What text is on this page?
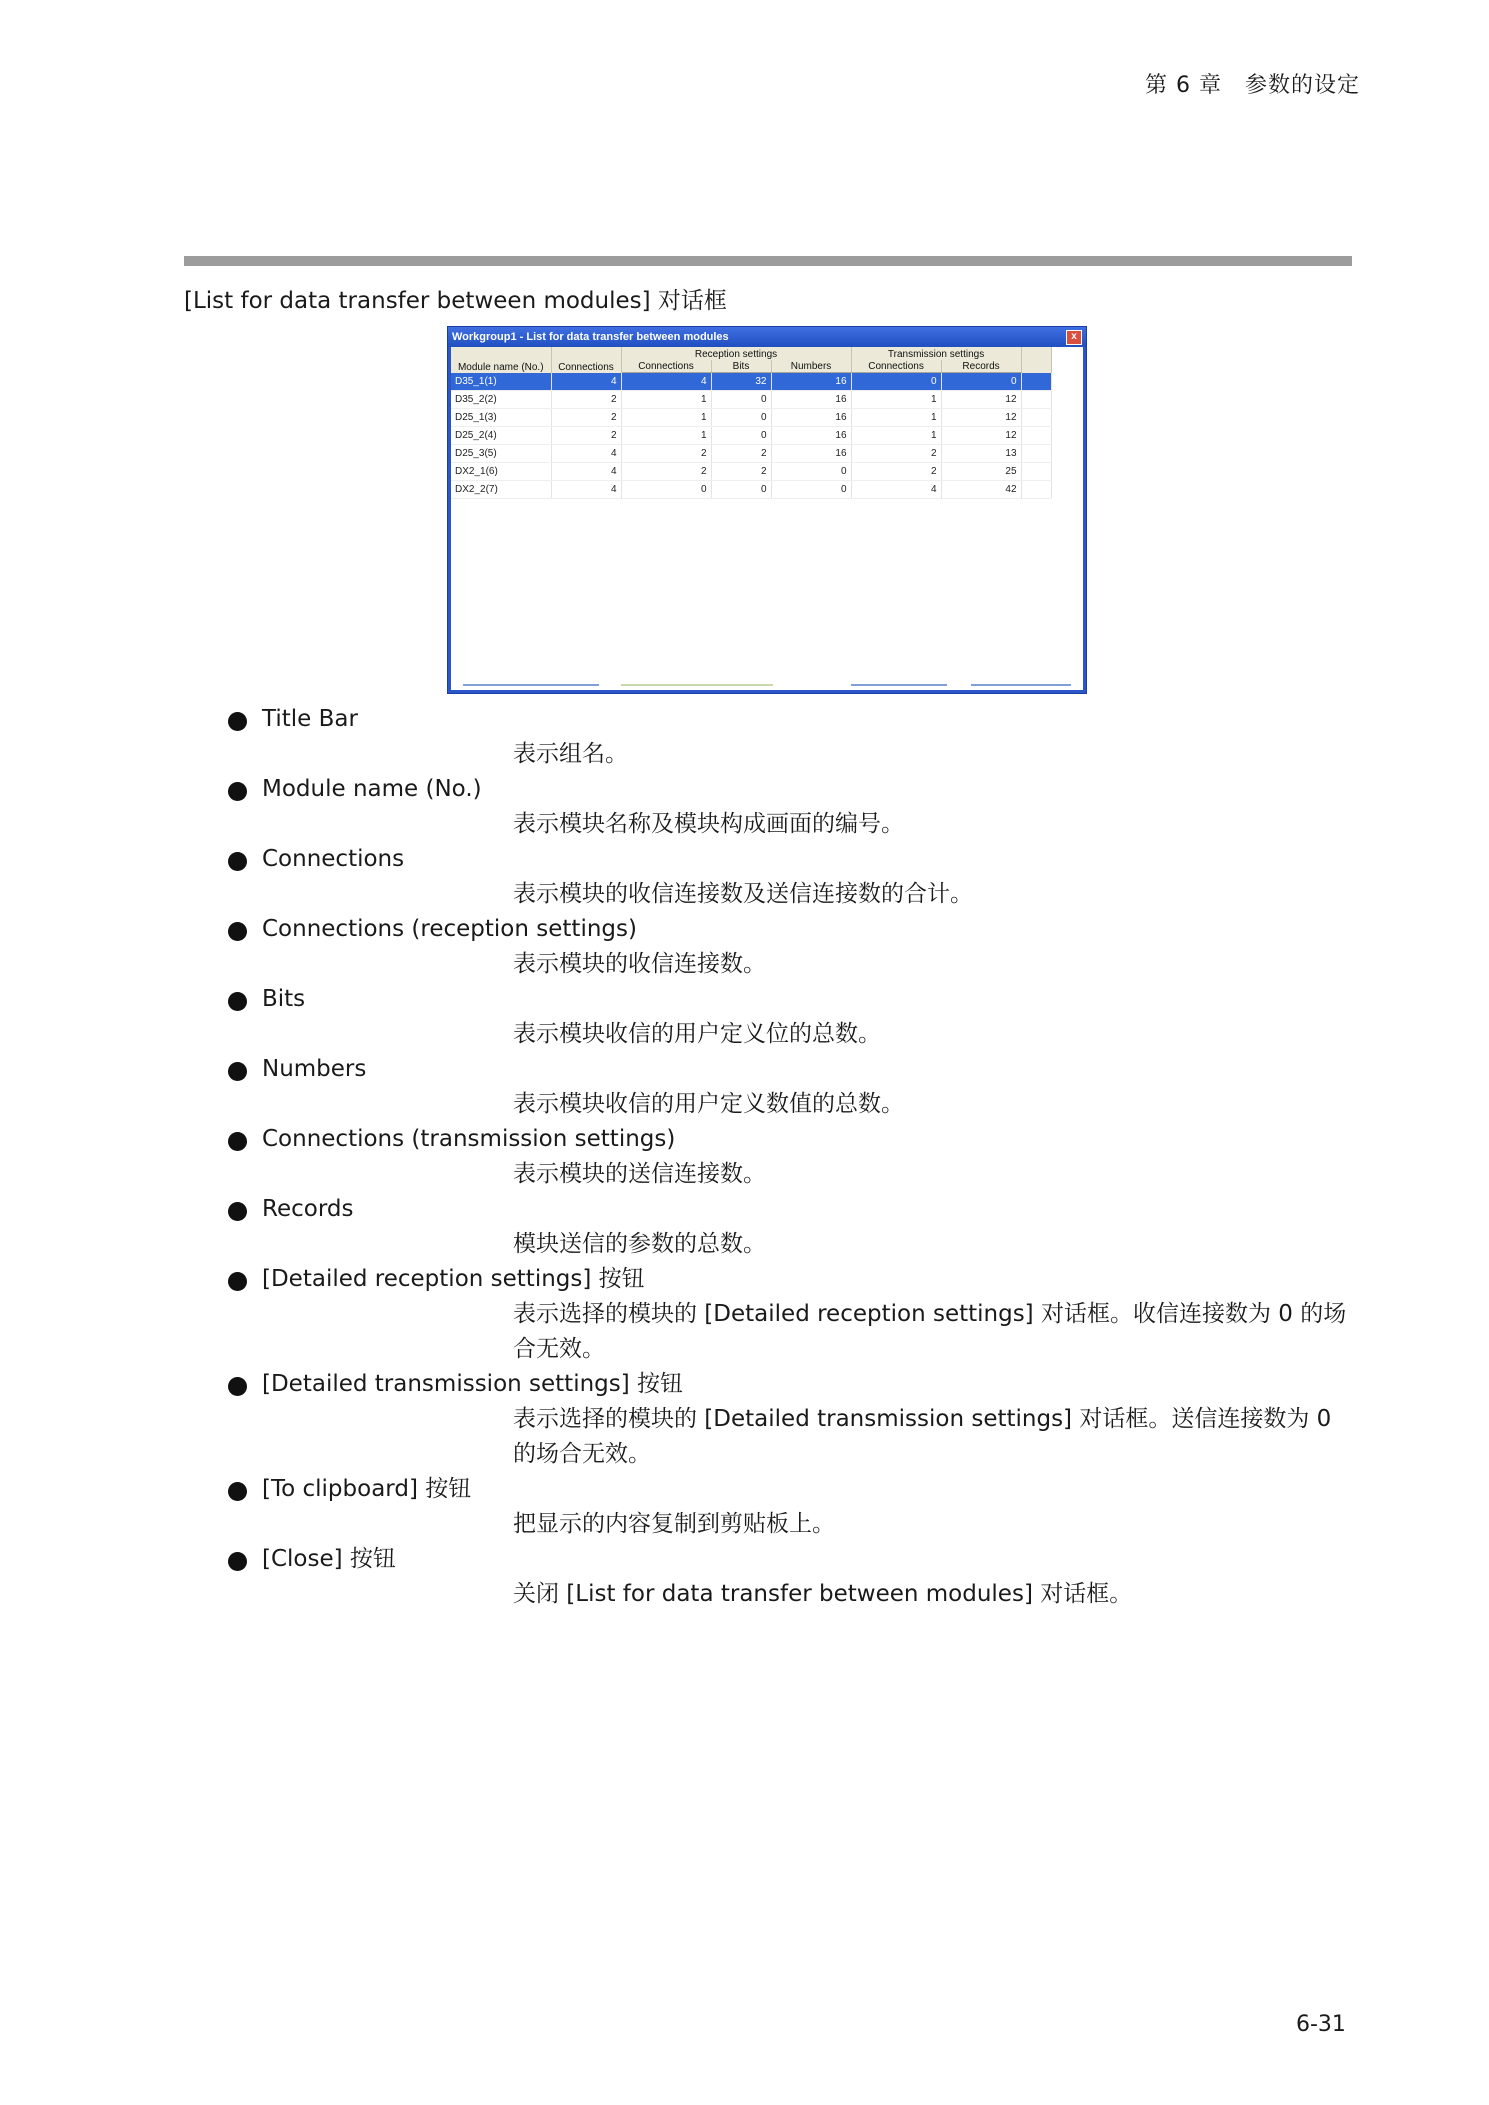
第 6 章　参数的设定
[List for data transfer between modules] 对话框
Workgroup1 - List for data transfer between modules	x
Module name (No.)	Connections	Reception settings			Transmission settings		
		Connections	Bits	Numbers	Connections	Records	
D35_1(1)	4	4	32	16	0	0	
D35_2(2)	2	1	0	16	1	12	
D25_1(3)	2	1	0	16	1	12	
D25_2(4)	2	1	0	16	1	12	
D25_3(5)	4	2	2	16	2	13	
DX2_1(6)	4	2	2	0	2	25	
DX2_2(7)	4	0	0	0	4	42	
Title Bar
表示组名。
Module name (No.)
表示模块名称及模块构成画面的编号。
Connections
表示模块的收信连接数及送信连接数的合计。
Connections (reception settings)
表示模块的收信连接数。
Bits
表示模块收信的用户定义位的总数。
Numbers
表示模块收信的用户定义数值的总数。
Connections (transmission settings)
表示模块的送信连接数。
Records
模块送信的参数的总数。
[Detailed reception settings] 按钮
表示选择的模块的 [Detailed reception settings] 对话框。收信连接数为 0 的场合无效。
[Detailed transmission settings] 按钮
表示选择的模块的 [Detailed transmission settings] 对话框。送信连接数为 0 的场合无效。
[To clipboard] 按钮
把显示的内容复制到剪贴板上。
[Close] 按钮
关闭 [List for data transfer between modules] 对话框。
6-31
